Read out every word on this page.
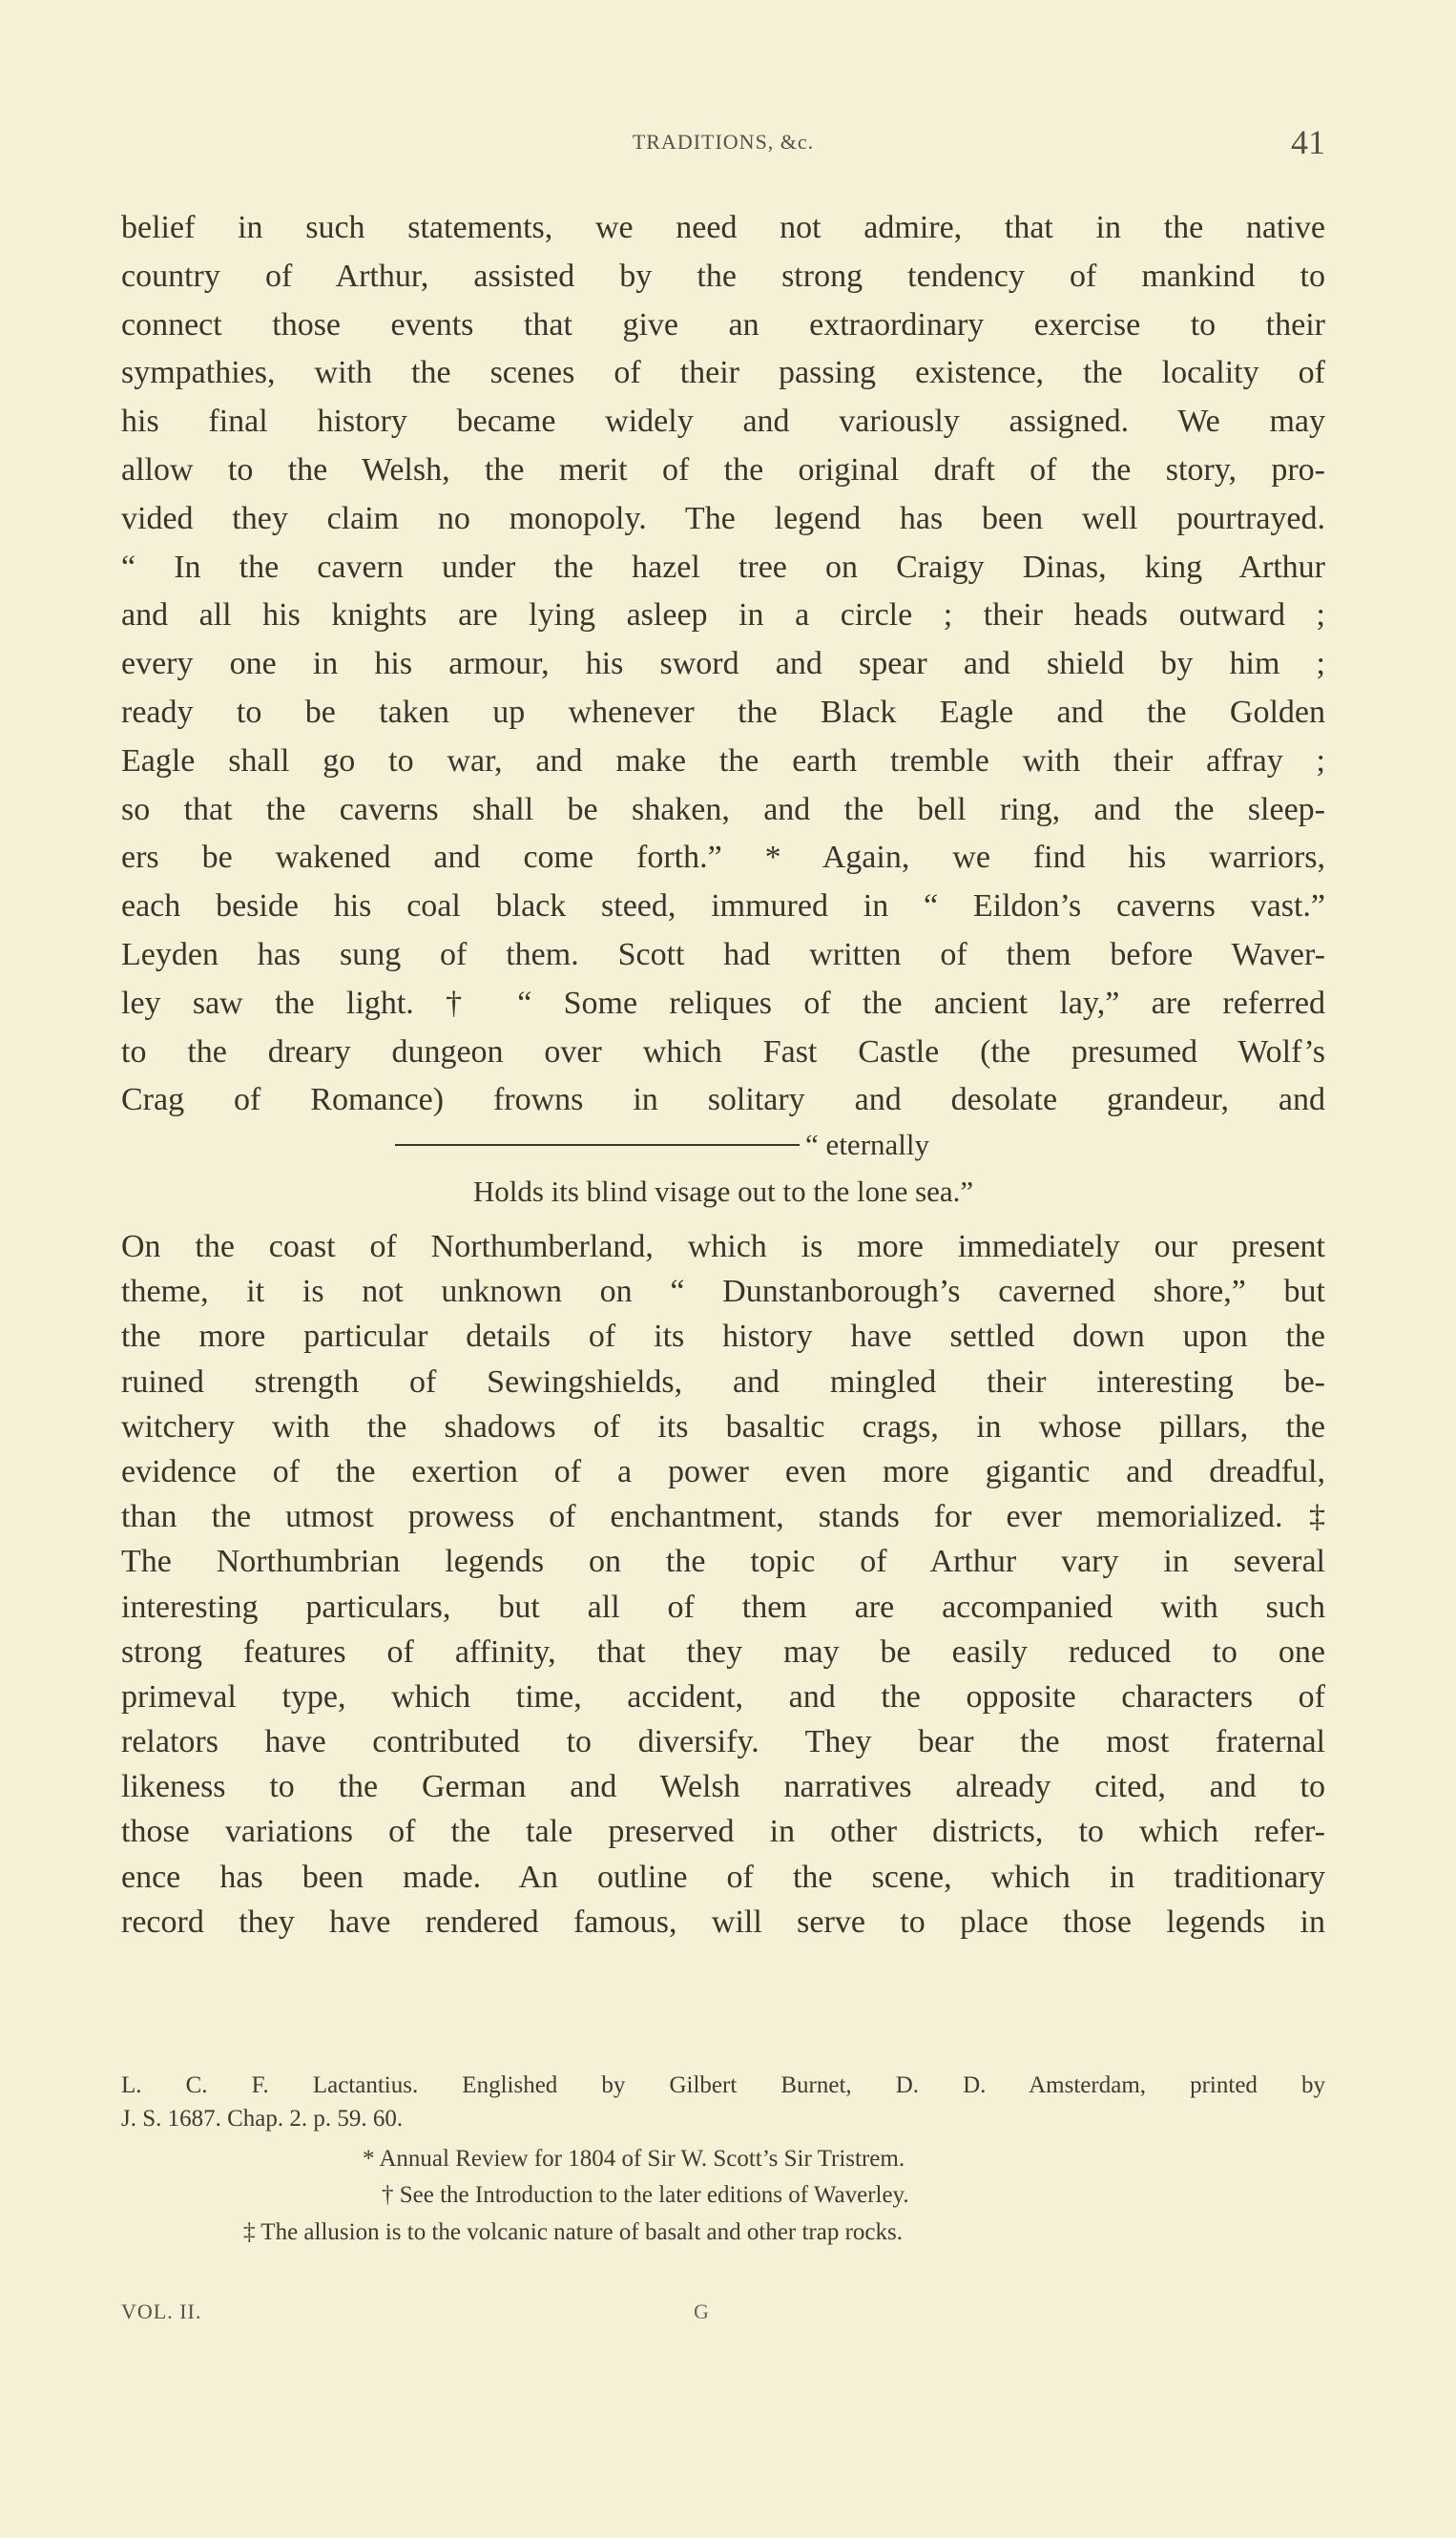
TRADITIONS, &c.	41
belief in such statements, we need not admire, that in the native
country of Arthur, assisted by the strong tendency of mankind to
connect those events that give an extraordinary exercise to their
sympathies, with the scenes of their passing existence, the locality of
his final history became widely and variously assigned. We may
allow to the Welsh, the merit of the original draft of the story, pro-
vided they claim no monopoly. The legend has been well pourtrayed.
“ In the cavern under the hazel tree on Craigy Dinas, king Arthur
and all his knights are lying asleep in a circle ; their heads outward ;
every one in his armour, his sword and spear and shield by him ;
ready to be taken up whenever the Black Eagle and the Golden
Eagle shall go to war, and make the earth tremble with their affray ;
so that the caverns shall be shaken, and the bell ring, and the sleep-
ers be wakened and come forth.” * Again, we find his warriors,
each beside his coal black steed, immured in “ Eildon’s caverns vast.”
Leyden has sung of them. Scott had written of them before Waver-
ley saw the light. † “ Some reliques of the ancient lay,” are referred
to the dreary dungeon over which Fast Castle (the presumed Wolf’s
Crag of Romance) frowns in solitary and desolate grandeur, and
“ eternally
Holds its blind visage out to the lone sea.”
On the coast of Northumberland, which is more immediately our present
theme, it is not unknown on “ Dunstanborough’s caverned shore,” but
the more particular details of its history have settled down upon the
ruined strength of Sewingshields, and mingled their interesting be-
witchery with the shadows of its basaltic crags, in whose pillars, the
evidence of the exertion of a power even more gigantic and dreadful,
than the utmost prowess of enchantment, stands for ever memorialized.‡
The Northumbrian legends on the topic of Arthur vary in several
interesting particulars, but all of them are accompanied with such
strong features of affinity, that they may be easily reduced to one
primeval type, which time, accident, and the opposite characters of
relators have contributed to diversify. They bear the most fraternal
likeness to the German and Welsh narratives already cited, and to
those variations of the tale preserved in other districts, to which refer-
ence has been made. An outline of the scene, which in traditionary
record they have rendered famous, will serve to place those legends in
L. C. F. Lactantius. Englished by Gilbert Burnet, D. D. Amsterdam, printed by
J. S. 1687. Chap. 2. p. 59. 60.
* Annual Review for 1804 of Sir W. Scott’s Sir Tristrem.
† See the Introduction to the later editions of Waverley.
‡ The allusion is to the volcanic nature of basalt and other trap rocks.
VOL. II.	G
